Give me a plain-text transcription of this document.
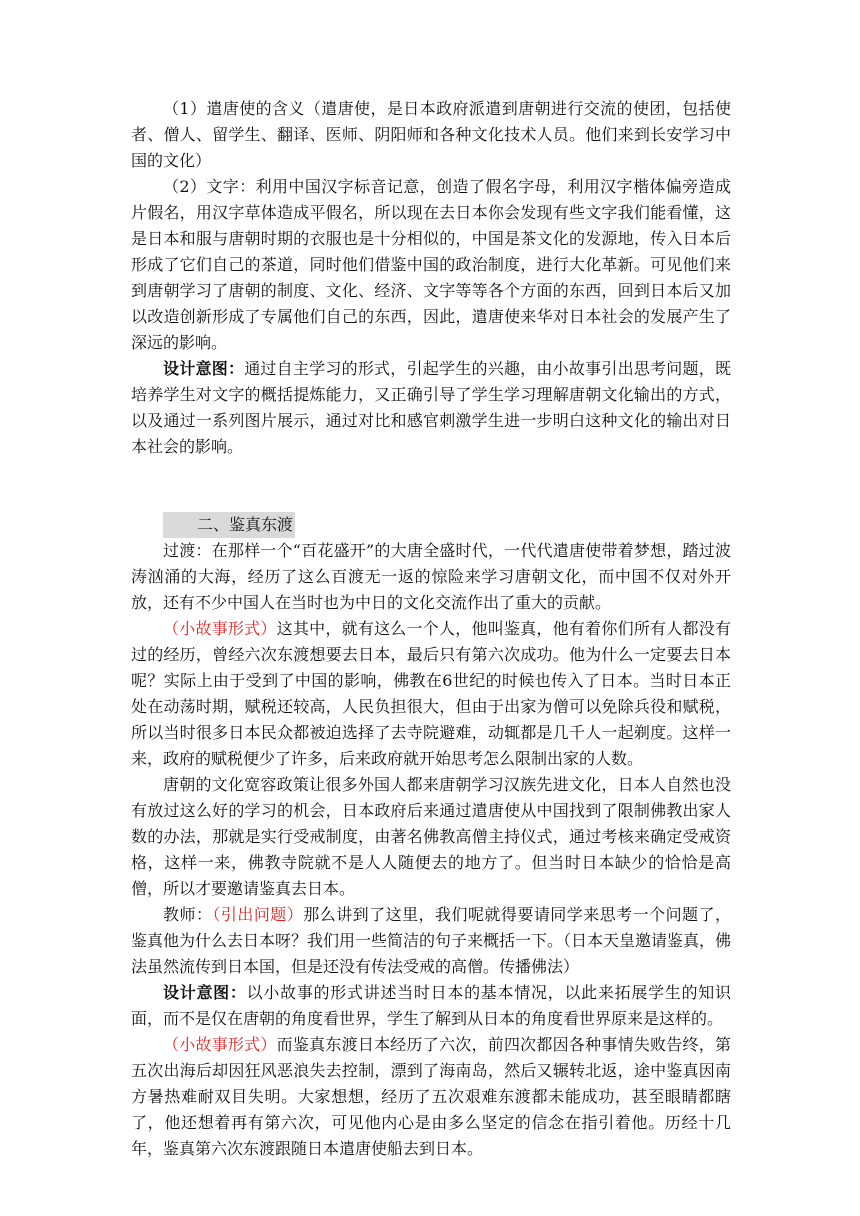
（1）遣唐使的含义（遣唐使，是日本政府派遣到唐朝进行交流的使团，包括使者、僧人、留学生、翻译、医师、阴阳师和各种文化技术人员。他们来到长安学习中国的文化）

（2）文字：利用中国汉字标音记意，创造了假名字母，利用汉字楷体偏旁造成片假名，用汉字草体造成平假名，所以现在去日本你会发现有些文字我们能看懂，这是日本和服与唐朝时期的衣服也是十分相似的，中国是茶文化的发源地，传入日本后形成了它们自己的茶道，同时他们借鉴中国的政治制度，进行大化革新。可见他们来到唐朝学习了唐朝的制度、文化、经济、文字等等各个方面的东西，回到日本后又加以改造创新形成了专属他们自己的东西，因此，遣唐使来华对日本社会的发展产生了深远的影响。

设计意图：通过自主学习的形式，引起学生的兴趣，由小故事引出思考问题，既培养学生对文字的概括提炼能力，又正确引导了学生学习理解唐朝文化输出的方式，以及通过一系列图片展示，通过对比和感官刺激学生进一步明白这种文化的输出对日本社会的影响。

二、鉴真东渡

过渡：在那样一个“百花盛开”的大唐全盛时代，一代代遣唐使带着梦想，踏过波涛汹涌的大海，经历了这么百渡无一返的惊险来学习唐朝文化，而中国不仅对外开放，还有不少中国人在当时也为中日的文化交流作出了重大的贡献。

（小故事形式）这其中，就有这么一个人，他叫鉴真，他有着你们所有人都没有过的经历，曾经六次东渡想要去日本，最后只有第六次成功。他为什么一定要去日本呢？实际上由于受到了中国的影响，佛教在6世纪的时候也传入了日本。当时日本正处在动荡时期，赋税还较高，人民负担很大，但由于出家为僧可以免除兵役和赋税，所以当时很多日本民众都被迫选择了去寺院避难，动辄都是几千人一起剃度。这样一来，政府的赋税便少了许多，后来政府就开始思考怎么限制出家的人数。

唐朝的文化宽容政策让很多外国人都来唐朝学习汉族先进文化，日本人自然也没有放过这么好的学习的机会，日本政府后来通过遣唐使从中国找到了限制佛教出家人数的办法，那就是实行受戒制度，由著名佛教高僧主持仪式，通过考核来确定受戒资格，这样一来，佛教寺院就不是人人随便去的地方了。但当时日本缺少的恰恰是高僧，所以才要邀请鉴真去日本。

教师：（引出问题）那么讲到了这里，我们呢就得要请同学来思考一个问题了，鉴真他为什么去日本呀？我们用一些简洁的句子来概括一下。（日本天皇邀请鉴真，佛法虽然流传到日本国，但是还没有传法受戒的高僧。传播佛法）

设计意图：以小故事的形式讲述当时日本的基本情况，以此来拓展学生的知识面，而不是仅在唐朝的角度看世界，学生了解到从日本的角度看世界原来是这样的。

（小故事形式）而鉴真东渡日本经历了六次，前四次都因各种事情失败告终，第五次出海后却因狂风恶浪失去控制，漂到了海南岛，然后又辗转北返，途中鉴真因南方暑热难耐双目失明。大家想想，经历了五次艰难东渡都未能成功，甚至眼睛都瞎了，他还想着再有第六次，可见他内心是由多么坚定的信念在指引着他。历经十几年，鉴真第六次东渡跟随日本遣唐使船去到日本。
